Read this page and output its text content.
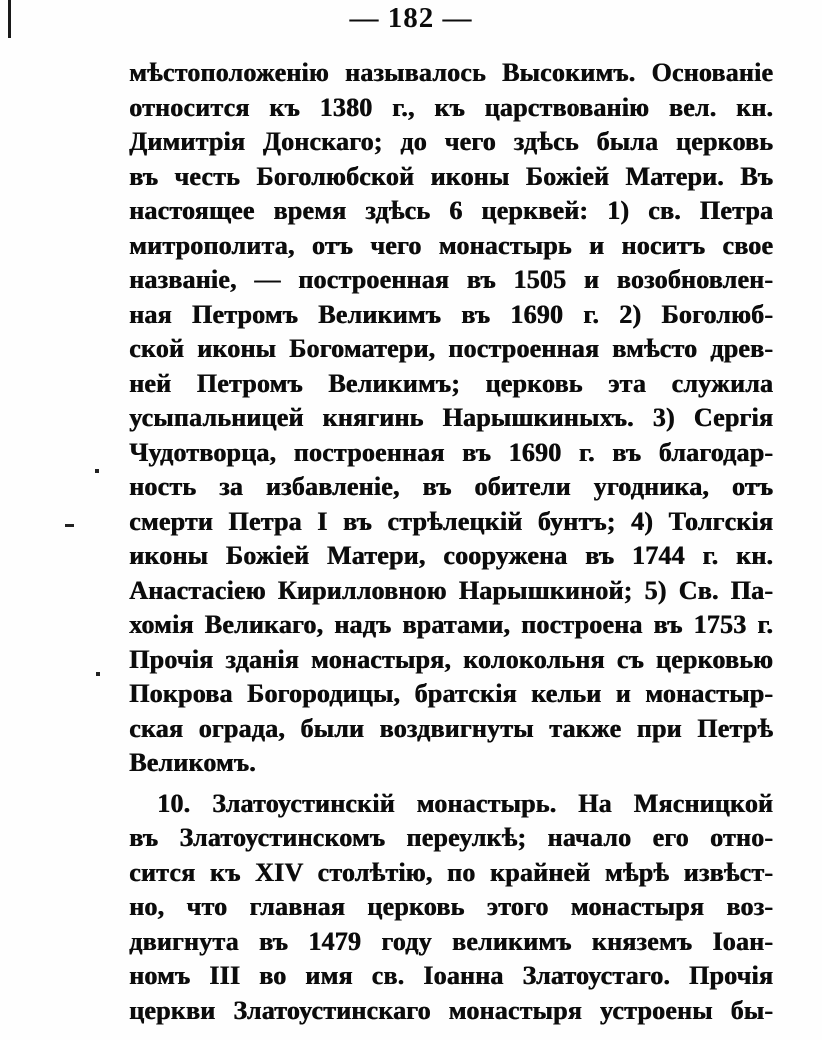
— 182 —
мѣстоположенію называлось Высокимъ. Основаніе
относится къ 1380 г., къ царствованію вел. кн.
Димитрія Донскаго; до чего здѣсь была церковь
въ честь Боголюбской иконы Божіей Матери. Въ
настоящее время здѣсь 6 церквей: 1) св. Петра
митрополита, отъ чего монастырь и носитъ свое
названіе, — построенная въ 1505 и возобновлен-
ная Петромъ Великимъ въ 1690 г. 2) Боголюб-
ской иконы Богоматери, построенная вмѣсто древ-
ней Петромъ Великимъ; церковь эта служила
усыпальницей княгинь Нарышкиныхъ. 3) Сергія
Чудотворца, построенная въ 1690 г. въ благодар-
ность за избавленіе, въ обители угодника, отъ
смерти Петра I въ стрѣлецкій бунтъ; 4) Толгскія
иконы Божіей Матери, сооружена въ 1744 г. кн.
Анастасіею Кирилловною Нарышкиной; 5) Св. Па-
хомія Великаго, надъ вратами, построена въ 1753 г.
Прочія зданія монастыря, колокольня съ церковью
Покрова Богородицы, братскія кельи и монастыр-
ская ограда, были воздвигнуты также при Петрѣ
Великомъ.
10. Златоустинскій монастырь. На Мясницкой
въ Златоустинскомъ переулкѣ; начало его отно-
сится къ XIV столѣтію, по крайней мѣрѣ извѣст-
но, что главная церковь этого монастыря воз-
двигнута въ 1479 году великимъ княземъ Іоан-
номъ III во имя св. Іоанна Златоустаго. Прочія
церкви Златоустинскаго монастыря устроены бы-
